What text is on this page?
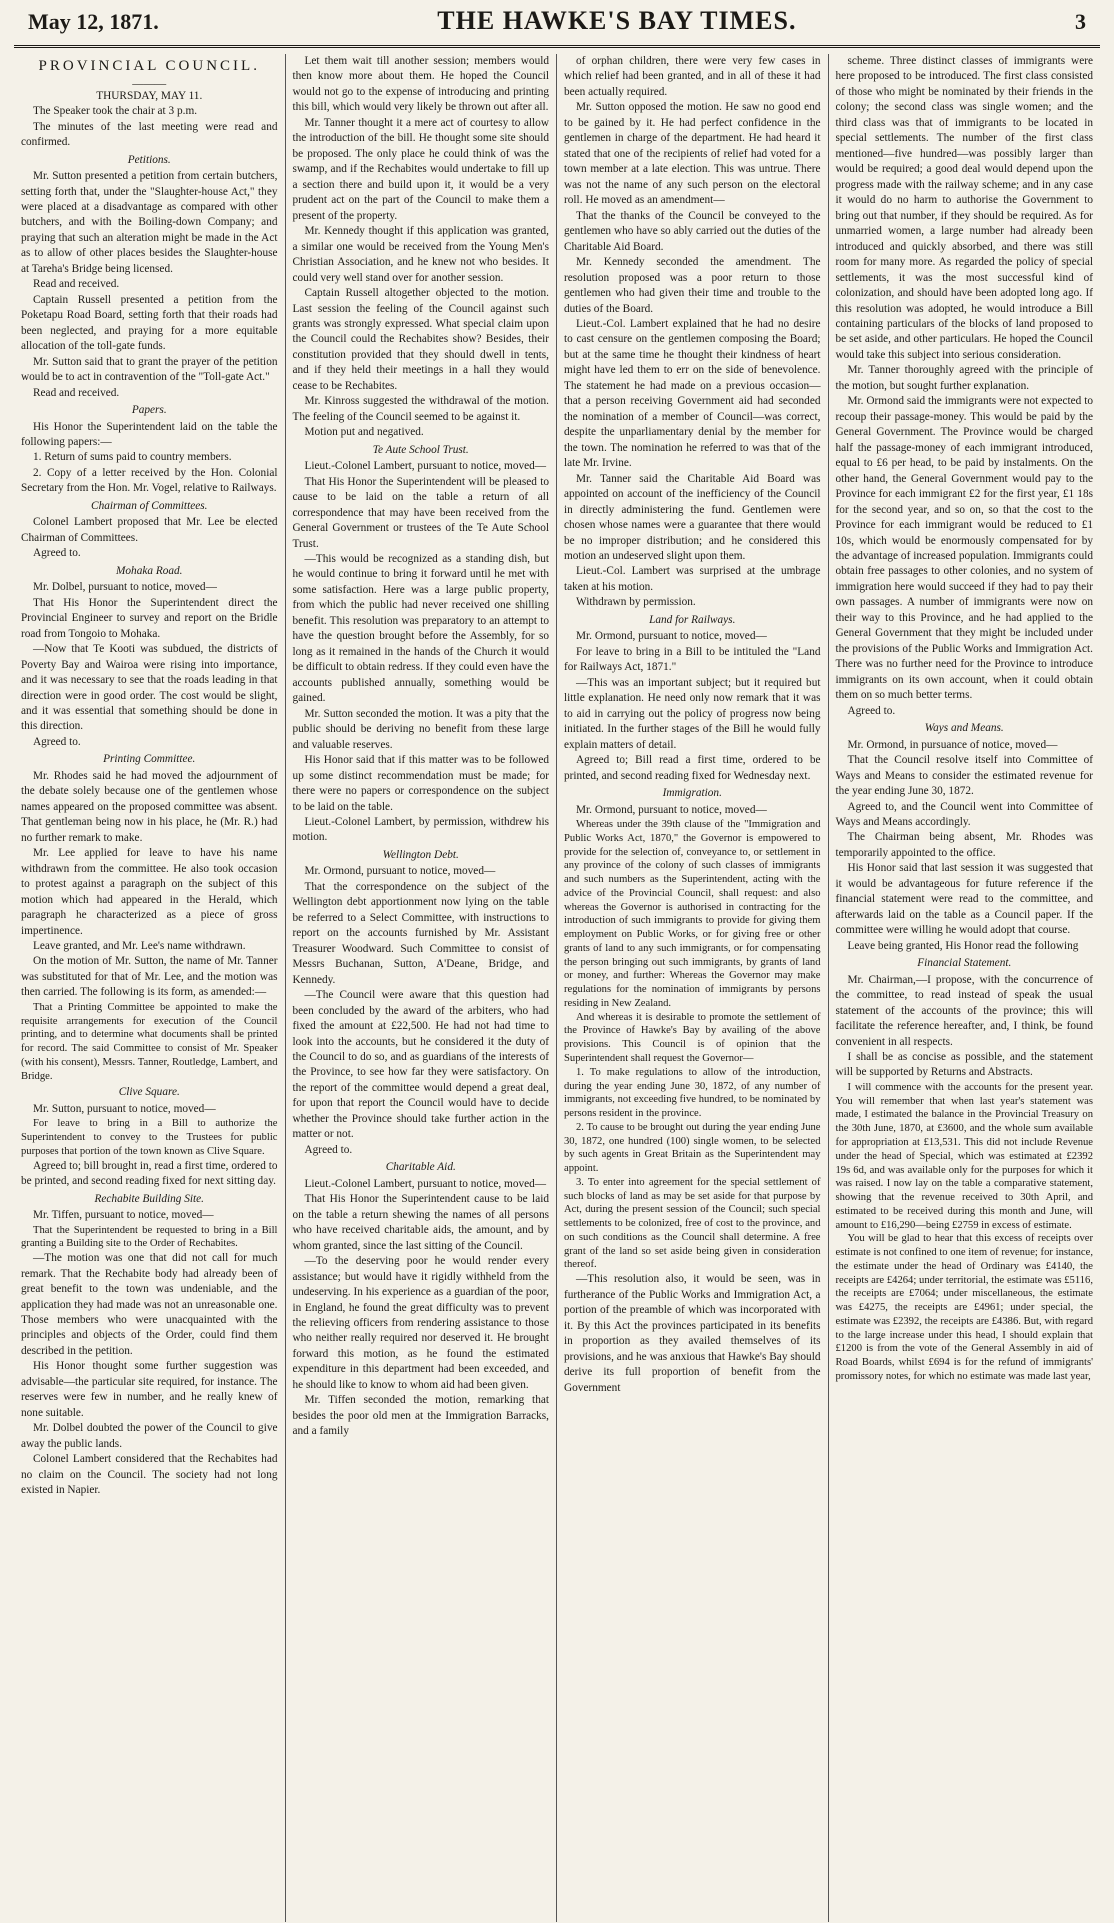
May 12, 1871.	THE HAWKE'S BAY TIMES.	3

PROVINCIAL COUNCIL.

———

THURSDAY, MAY 11.

The Speaker took the chair at 3 p.m.

The minutes of the last meeting were read and confirmed.

Petitions.

Mr. Sutton presented a petition from certain butchers, setting forth that, under the "Slaughter-house Act," they were placed at a disadvantage as compared with other butchers, and with the Boiling-down Company; and praying that such an alteration might be made in the Act as to allow of other places besides the Slaughter-house at Tareha's Bridge being licensed.

Read and received.

Captain Russell presented a petition from the Poketapu Road Board, setting forth that their roads had been neglected, and praying for a more equitable allocation of the toll-gate funds.

Mr. Sutton said that to grant the prayer of the petition would be to act in contravention of the "Toll-gate Act."

Read and received.

Papers.

His Honor the Superintendent laid on the table the following papers:—

1. Return of sums paid to country members.

2. Copy of a letter received by the Hon. Colonial Secretary from the Hon. Mr. Vogel, relative to Railways.

Chairman of Committees.

Colonel Lambert proposed that Mr. Lee be elected Chairman of Committees.

Agreed to.

Mohaka Road.

Mr. Dolbel, pursuant to notice, moved—

That His Honor the Superintendent direct the Provincial Engineer to survey and report on the Bridle road from Tongoio to Mohaka.

—Now that Te Kooti was subdued, the districts of Poverty Bay and Wairoa were rising into importance, and it was necessary to see that the roads leading in that direction were in good order. The cost would be slight, and it was essential that something should be done in this direction.

Agreed to.

Printing Committee.

Mr. Rhodes said he had moved the adjournment of the debate solely because one of the gentlemen whose names appeared on the proposed committee was absent. That gentleman being now in his place, he (Mr. R.) had no further remark to make.

Mr. Lee applied for leave to have his name withdrawn from the committee. He also took occasion to protest against a paragraph on the subject of this motion which had appeared in the Herald, which paragraph he characterized as a piece of gross impertinence.

Leave granted, and Mr. Lee's name withdrawn.

On the motion of Mr. Sutton, the name of Mr. Tanner was substituted for that of Mr. Lee, and the motion was then carried. The following is its form, as amended:—

That a Printing Committee be appointed to make the requisite arrangements for execution of the Council printing, and to determine what documents shall be printed for record. The said Committee to consist of Mr. Speaker (with his consent), Messrs. Tanner, Routledge, Lambert, and Bridge.

Clive Square.

Mr. Sutton, pursuant to notice, moved—

For leave to bring in a Bill to authorize the Superintendent to convey to the Trustees for public purposes that portion of the town known as Clive Square.

Agreed to; bill brought in, read a first time, ordered to be printed, and second reading fixed for next sitting day.

Rechabite Building Site.

Mr. Tiffen, pursuant to notice, moved—

That the Superintendent be requested to bring in a Bill granting a Building site to the Order of Rechabites.

—The motion was one that did not call for much remark. That the Rechabite body had already been of great benefit to the town was undeniable, and the application they had made was not an unreasonable one. Those members who were unacquainted with the principles and objects of the Order, could find them described in the petition.

His Honor thought some further suggestion was advisable—the particular site required, for instance. The reserves were few in number, and he really knew of none suitable.

Mr. Dolbel doubted the power of the Council to give away the public lands.

Colonel Lambert considered that the Rechabites had no claim on the Council. The society had not long existed in Napier.

Let them wait till another session; members would then know more about them. He hoped the Council would not go to the expense of introducing and printing this bill, which would very likely be thrown out after all.

Mr. Tanner thought it a mere act of courtesy to allow the introduction of the bill. He thought some site should be proposed. The only place he could think of was the swamp, and if the Rechabites would undertake to fill up a section there and build upon it, it would be a very prudent act on the part of the Council to make them a present of the property.

Mr. Kennedy thought if this application was granted, a similar one would be received from the Young Men's Christian Association, and he knew not who besides. It could very well stand over for another session.

Captain Russell altogether objected to the motion. Last session the feeling of the Council against such grants was strongly expressed. What special claim upon the Council could the Rechabites show? Besides, their constitution provided that they should dwell in tents, and if they held their meetings in a hall they would cease to be Rechabites.

Mr. Kinross suggested the withdrawal of the motion. The feeling of the Council seemed to be against it.

Motion put and negatived.

Te Aute School Trust.

Lieut.-Colonel Lambert, pursuant to notice, moved—

That His Honor the Superintendent will be pleased to cause to be laid on the table a return of all correspondence that may have been received from the General Government or trustees of the Te Aute School Trust.

—This would be recognized as a standing dish, but he would continue to bring it forward until he met with some satisfaction. Here was a large public property, from which the public had never received one shilling benefit. This resolution was preparatory to an attempt to have the question brought before the Assembly, for so long as it remained in the hands of the Church it would be difficult to obtain redress. If they could even have the accounts published annually, something would be gained.

Mr. Sutton seconded the motion. It was a pity that the public should be deriving no benefit from these large and valuable reserves.

His Honor said that if this matter was to be followed up some distinct recommendation must be made; for there were no papers or correspondence on the subject to be laid on the table.

Lieut.-Colonel Lambert, by permission, withdrew his motion.

Wellington Debt.

Mr. Ormond, pursuant to notice, moved—

That the correspondence on the subject of the Wellington debt apportionment now lying on the table be referred to a Select Committee, with instructions to report on the accounts furnished by Mr. Assistant Treasurer Woodward. Such Committee to consist of Messrs Buchanan, Sutton, A'Deane, Bridge, and Kennedy.

—The Council were aware that this question had been concluded by the award of the arbiters, who had fixed the amount at £22,500. He had not had time to look into the accounts, but he considered it the duty of the Council to do so, and as guardians of the interests of the Province, to see how far they were satisfactory. On the report of the committee would depend a great deal, for upon that report the Council would have to decide whether the Province should take further action in the matter or not.

Agreed to.

Charitable Aid.

Lieut.-Colonel Lambert, pursuant to notice, moved—

That His Honor the Superintendent cause to be laid on the table a return shewing the names of all persons who have received charitable aids, the amount, and by whom granted, since the last sitting of the Council.

—To the deserving poor he would render every assistance; but would have it rigidly withheld from the undeserving. In his experience as a guardian of the poor, in England, he found the great difficulty was to prevent the relieving officers from rendering assistance to those who neither really required nor deserved it. He brought forward this motion, as he found the estimated expenditure in this department had been exceeded, and he should like to know to whom aid had been given.

Mr. Tiffen seconded the motion, remarking that besides the poor old men at the Immigration Barracks, and a family

of orphan children, there were very few cases in which relief had been granted, and in all of these it had been actually required.

Mr. Sutton opposed the motion. He saw no good end to be gained by it. He had perfect confidence in the gentlemen in charge of the department. He had heard it stated that one of the recipients of relief had voted for a town member at a late election. This was untrue. There was not the name of any such person on the electoral roll. He moved as an amendment—

That the thanks of the Council be conveyed to the gentlemen who have so ably carried out the duties of the Charitable Aid Board.

Mr. Kennedy seconded the amendment. The resolution proposed was a poor return to those gentlemen who had given their time and trouble to the duties of the Board.

Lieut.-Col. Lambert explained that he had no desire to cast censure on the gentlemen composing the Board; but at the same time he thought their kindness of heart might have led them to err on the side of benevolence. The statement he had made on a previous occasion—that a person receiving Government aid had seconded the nomination of a member of Council—was correct, despite the unparliamentary denial by the member for the town. The nomination he referred to was that of the late Mr. Irvine.

Mr. Tanner said the Charitable Aid Board was appointed on account of the inefficiency of the Council in directly administering the fund. Gentlemen were chosen whose names were a guarantee that there would be no improper distribution; and he considered this motion an undeserved slight upon them.

Lieut.-Col. Lambert was surprised at the umbrage taken at his motion.

Withdrawn by permission.

Land for Railways.

Mr. Ormond, pursuant to notice, moved—

For leave to bring in a Bill to be intituled the "Land for Railways Act, 1871."

—This was an important subject; but it required but little explanation. He need only now remark that it was to aid in carrying out the policy of progress now being initiated. In the further stages of the Bill he would fully explain matters of detail.

Agreed to; Bill read a first time, ordered to be printed, and second reading fixed for Wednesday next.

Immigration.

Mr. Ormond, pursuant to notice, moved—

Whereas under the 39th clause of the "Immigration and Public Works Act, 1870," the Governor is empowered to provide for the selection of, conveyance to, or settlement in any province of the colony of such classes of immigrants and such numbers as the Superintendent, acting with the advice of the Provincial Council, shall request: and also whereas the Governor is authorised in contracting for the introduction of such immigrants to provide for giving them employment on Public Works, or for giving free or other grants of land to any such immigrants, or for compensating the person bringing out such immigrants, by grants of land or money, and further: Whereas the Governor may make regulations for the nomination of immigrants by persons residing in New Zealand.

And whereas it is desirable to promote the settlement of the Province of Hawke's Bay by availing of the above provisions. This Council is of opinion that the Superintendent shall request the Governor—

1. To make regulations to allow of the introduction, during the year ending June 30, 1872, of any number of immigrants, not exceeding five hundred, to be nominated by persons resident in the province.

2. To cause to be brought out during the year ending June 30, 1872, one hundred (100) single women, to be selected by such agents in Great Britain as the Superintendent may appoint.

3. To enter into agreement for the special settlement of such blocks of land as may be set aside for that purpose by Act, during the present session of the Council; such special settlements to be colonized, free of cost to the province, and on such conditions as the Council shall determine. A free grant of the land so set aside being given in consideration thereof.

—This resolution also, it would be seen, was in furtherance of the Public Works and Immigration Act, a portion of the preamble of which was incorporated with it. By this Act the provinces participated in its benefits in proportion as they availed themselves of its provisions, and he was anxious that Hawke's Bay should derive its full proportion of benefit from the Government

scheme. Three distinct classes of immigrants were here proposed to be introduced. The first class consisted of those who might be nominated by their friends in the colony; the second class was single women; and the third class was that of immigrants to be located in special settlements. The number of the first class mentioned—five hundred—was possibly larger than would be required; a good deal would depend upon the progress made with the railway scheme; and in any case it would do no harm to authorise the Government to bring out that number, if they should be required. As for unmarried women, a large number had already been introduced and quickly absorbed, and there was still room for many more. As regarded the policy of special settlements, it was the most successful kind of colonization, and should have been adopted long ago. If this resolution was adopted, he would introduce a Bill containing particulars of the blocks of land proposed to be set aside, and other particulars. He hoped the Council would take this subject into serious consideration.

Mr. Tanner thoroughly agreed with the principle of the motion, but sought further explanation.

Mr. Ormond said the immigrants were not expected to recoup their passage-money. This would be paid by the General Government. The Province would be charged half the passage-money of each immigrant introduced, equal to £6 per head, to be paid by instalments. On the other hand, the General Government would pay to the Province for each immigrant £2 for the first year, £1 18s for the second year, and so on, so that the cost to the Province for each immigrant would be reduced to £1 10s, which would be enormously compensated for by the advantage of increased population. Immigrants could obtain free passages to other colonies, and no system of immigration here would succeed if they had to pay their own passages. A number of immigrants were now on their way to this Province, and he had applied to the General Government that they might be included under the provisions of the Public Works and Immigration Act. There was no further need for the Province to introduce immigrants on its own account, when it could obtain them on so much better terms.

Agreed to.

Ways and Means.

Mr. Ormond, in pursuance of notice, moved—

That the Council resolve itself into Committee of Ways and Means to consider the estimated revenue for the year ending June 30, 1872.

Agreed to, and the Council went into Committee of Ways and Means accordingly.

The Chairman being absent, Mr. Rhodes was temporarily appointed to the office.

His Honor said that last session it was suggested that it would be advantageous for future reference if the financial statement were read to the committee, and afterwards laid on the table as a Council paper. If the committee were willing he would adopt that course.

Leave being granted, His Honor read the following

Financial Statement.

Mr. Chairman,—I propose, with the concurrence of the committee, to read instead of speak the usual statement of the accounts of the province; this will facilitate the reference hereafter, and, I think, be found convenient in all respects.

I shall be as concise as possible, and the statement will be supported by Returns and Abstracts.

I will commence with the accounts for the present year. You will remember that when last year's statement was made, I estimated the balance in the Provincial Treasury on the 30th June, 1870, at £3600, and the whole sum available for appropriation at £13,531. This did not include Revenue under the head of Special, which was estimated at £2392 19s 6d, and was available only for the purposes for which it was raised. I now lay on the table a comparative statement, showing that the revenue received to 30th April, and estimated to be received during this month and June, will amount to £16,290—being £2759 in excess of estimate.

You will be glad to hear that this excess of receipts over estimate is not confined to one item of revenue; for instance, the estimate under the head of Ordinary was £4140, the receipts are £4264; under territorial, the estimate was £5116, the receipts are £7064; under miscellaneous, the estimate was £4275, the receipts are £4961; under special, the estimate was £2392, the receipts are £4386. But, with regard to the large increase under this head, I should explain that £1200 is from the vote of the General Assembly in aid of Road Boards, whilst £694 is for the refund of immigrants' promissory notes, for which no estimate was made last year,
